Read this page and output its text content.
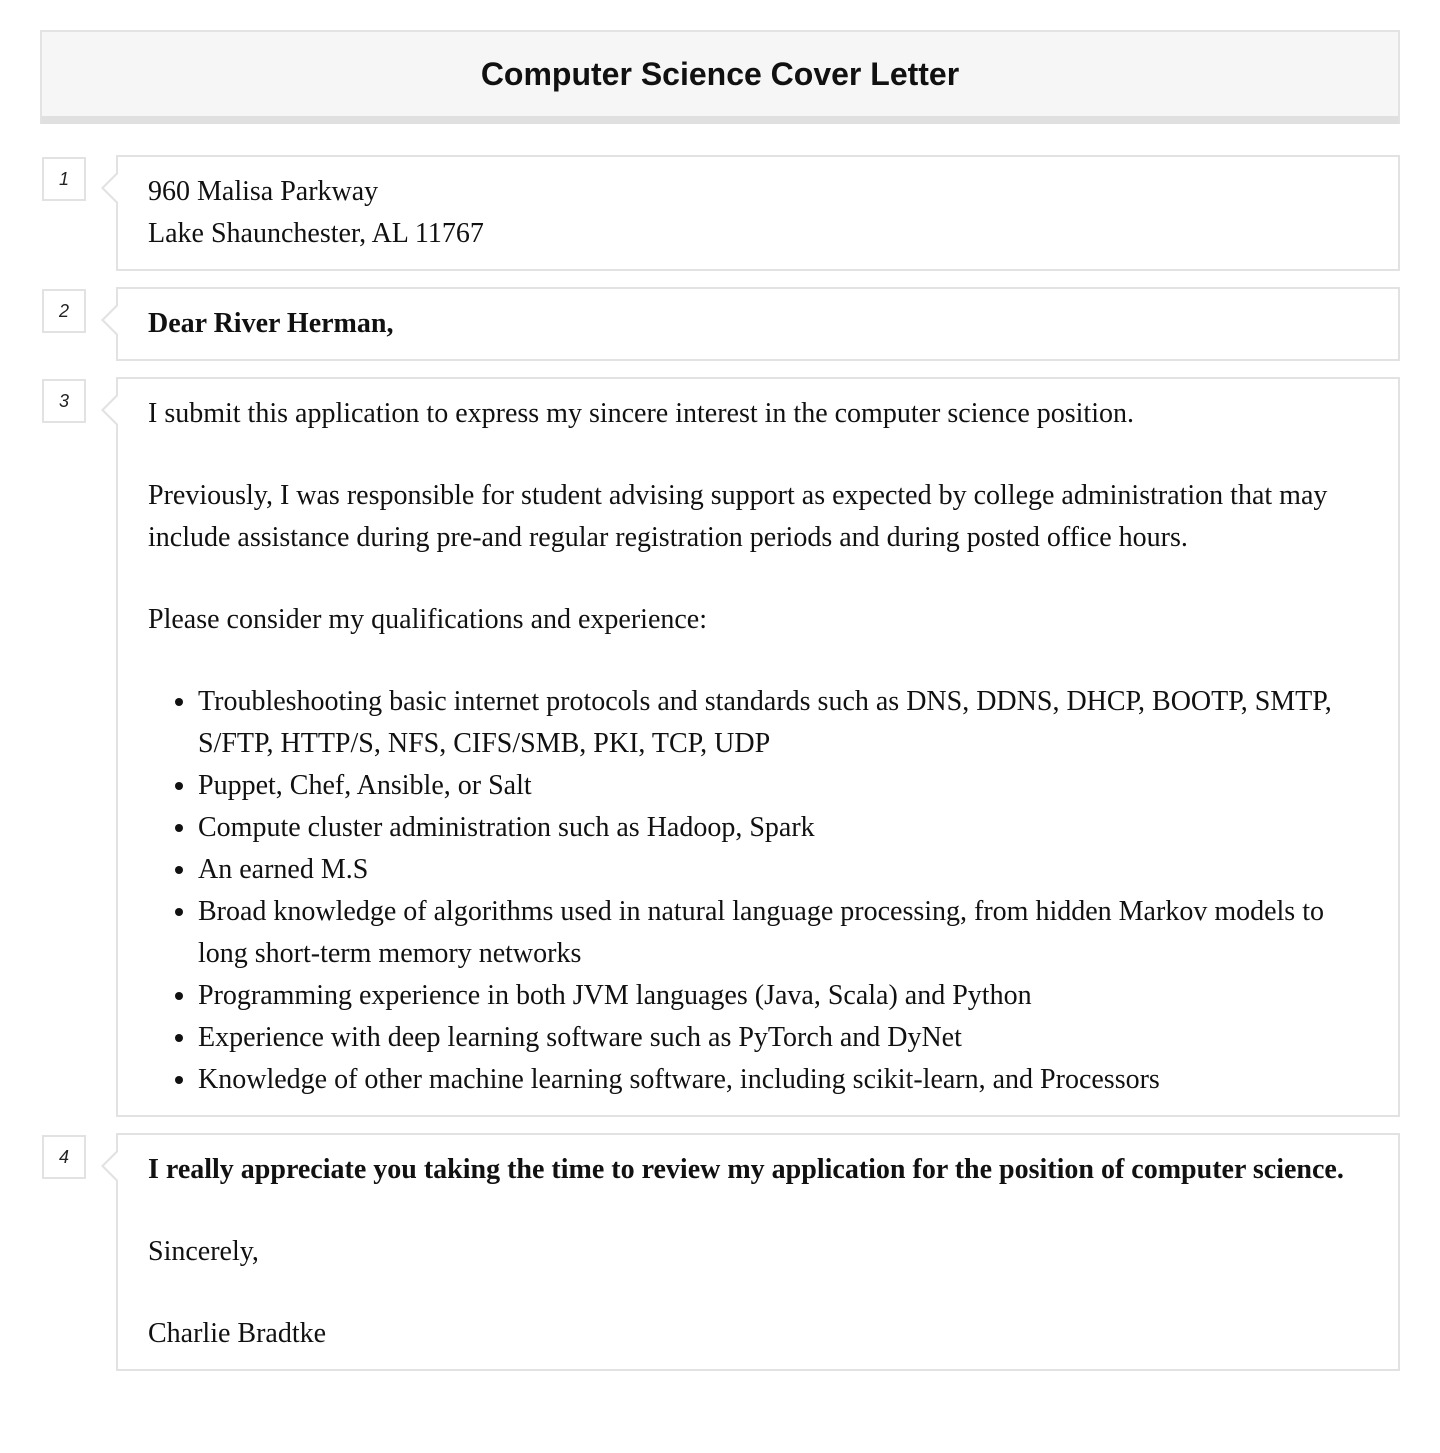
Computer Science Cover Letter
1	960 Malisa Parkway

Lake Shaunchester, AL 11767

2	Dear River Herman,

3	I submit this application to express my sincere interest in the computer science position.

Previously, I was responsible for student advising support as expected by college administration that may include assistance during pre-and regular registration periods and during posted office hours.

Please consider my qualifications and experience:

• Troubleshooting basic internet protocols and standards such as DNS, DDNS, DHCP, BOOTP, SMTP, S/FTP, HTTP/S, NFS, CIFS/SMB, PKI, TCP, UDP
• Puppet, Chef, Ansible, or Salt
• Compute cluster administration such as Hadoop, Spark
• An earned M.S
• Broad knowledge of algorithms used in natural language processing, from hidden Markov models to long short-term memory networks
• Programming experience in both JVM languages (Java, Scala) and Python
• Experience with deep learning software such as PyTorch and DyNet
• Knowledge of other machine learning software, including scikit-learn, and Processors
4	I really appreciate you taking the time to review my application for the position of computer science.

Sincerely,

Charlie Bradtke
